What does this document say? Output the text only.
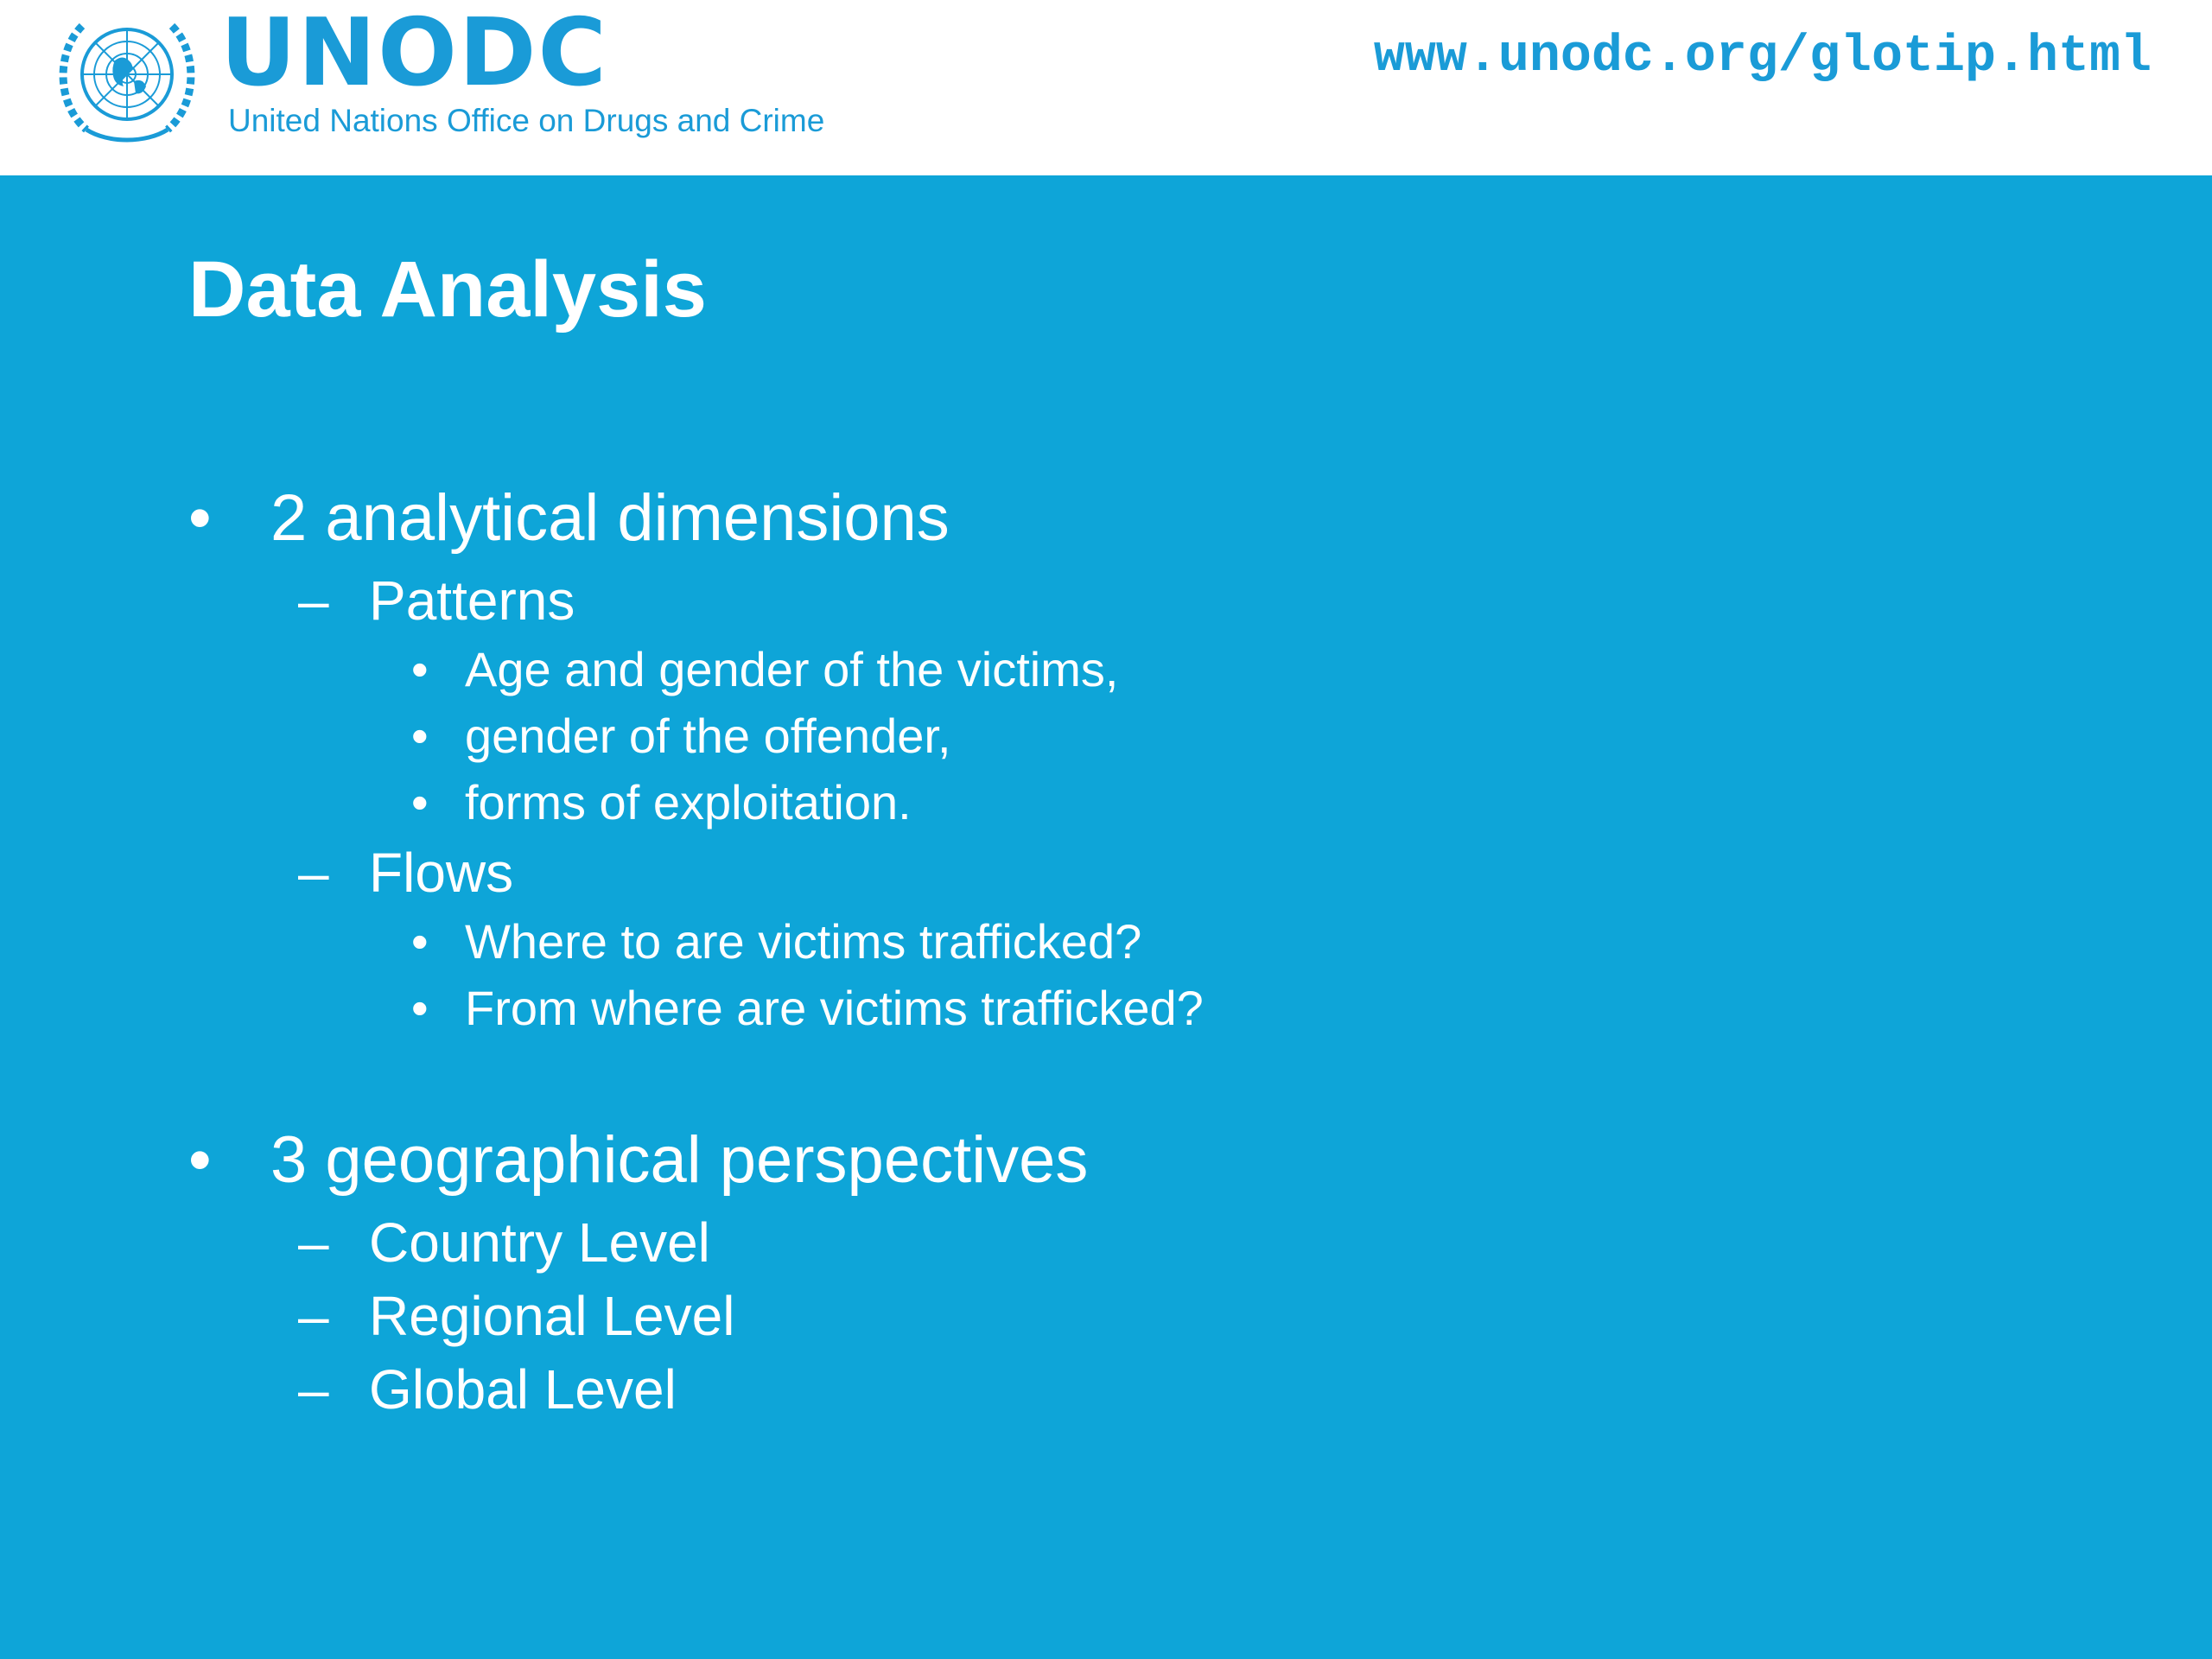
UNODC
United Nations Office on Drugs and Crime
www.unodc.org/glotip.html
Data Analysis
• 2 analytical dimensions
– Patterns
• Age and gender of the victims,
• gender of the offender,
• forms of exploitation.
– Flows
• Where to are victims trafficked?
• From where are victims trafficked?
• 3 geographical perspectives
– Country Level
– Regional Level
– Global Level
